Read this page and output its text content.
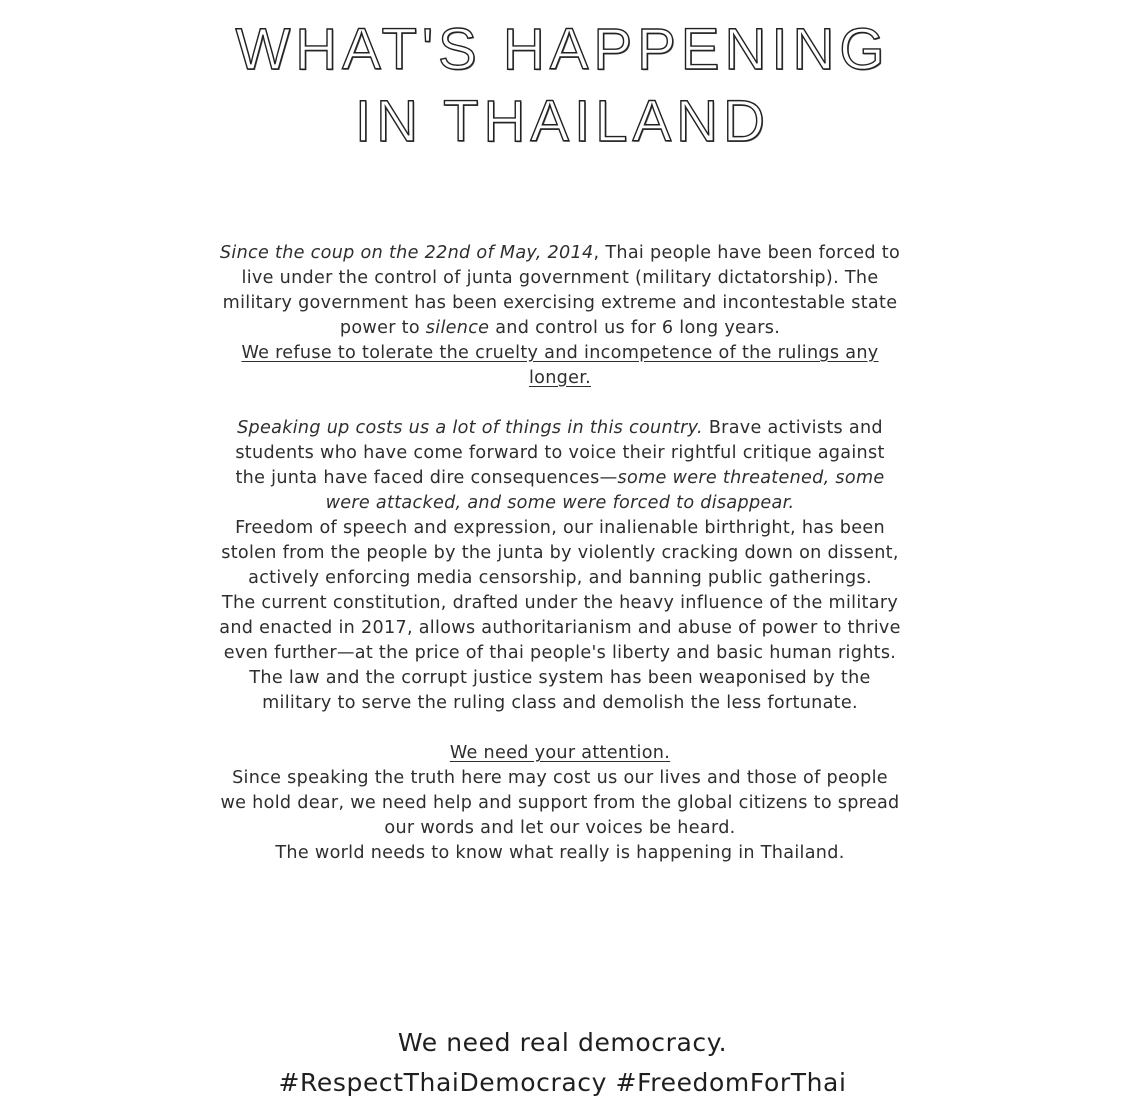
WHAT'S HAPPENING
IN THAILAND

Since the coup on the 22nd of May, 2014, Thai people have been forced to live under the control of junta government (military dictatorship). The military government has been exercising extreme and incontestable state power to silence and control us for 6 long years.

We refuse to tolerate the cruelty and incompetence of the rulings any longer.

Speaking up costs us a lot of things in this country. Brave activists and students who have come forward to voice their rightful critique against the junta have faced dire consequences—some were threatened, some were attacked, and some were forced to disappear.

Freedom of speech and expression, our inalienable birthright, has been stolen from the people by the junta by violently cracking down on dissent, actively enforcing media censorship, and banning public gatherings.

The current constitution, drafted under the heavy influence of the military and enacted in 2017, allows authoritarianism and abuse of power to thrive even further—at the price of thai people's liberty and basic human rights. The law and the corrupt justice system has been weaponised by the military to serve the ruling class and demolish the less fortunate.

We need your attention.

Since speaking the truth here may cost us our lives and those of people we hold dear, we need help and support from the global citizens to spread our words and let our voices be heard.

The world needs to know what really is happening in Thailand.

We need real democracy.

#RespectThaiDemocracy #FreedomForThai
